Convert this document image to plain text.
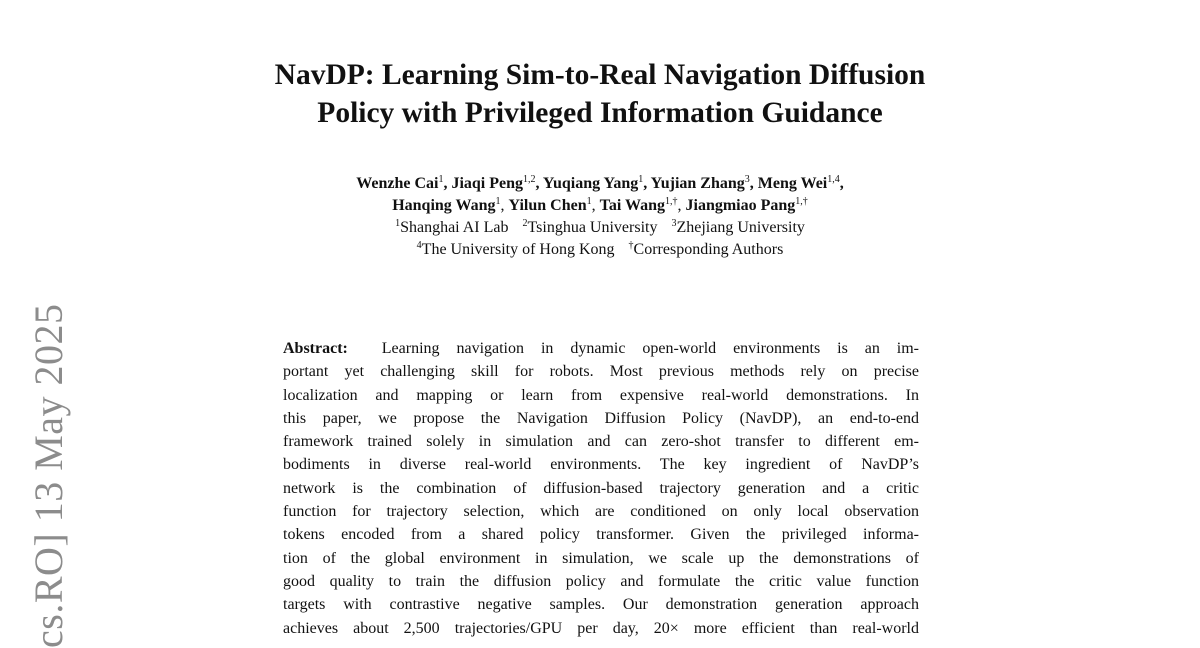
cs.RO] 13 May 2025
NavDP: Learning Sim-to-Real Navigation Diffusion
Policy with Privileged Information Guidance
Wenzhe Cai$^1$, Jiaqi Peng$^{1,2}$, Yuqiang Yang$^1$, Yujian Zhang$^3$, Meng Wei$^{1,4}$,
Hanqing Wang$^1$, Yilun Chen$^1$, Tai Wang$^{1,\dagger}$, Jiangmiao Pang$^{1,\dagger}$
$^1$Shanghai AI Lab $^2$Tsinghua University $^3$Zhejiang University
$^4$The University of Hong Kong †Corresponding Authors
Abstract: Learning navigation in dynamic open-world environments is an im-
portant yet challenging skill for robots. Most previous methods rely on precise
localization and mapping or learn from expensive real-world demonstrations. In
this paper, we propose the Navigation Diffusion Policy (NavDP), an end-to-end
framework trained solely in simulation and can zero-shot transfer to different em-
bodiments in diverse real-world environments. The key ingredient of NavDP’s
network is the combination of diffusion-based trajectory generation and a critic
function for trajectory selection, which are conditioned on only local observation
tokens encoded from a shared policy transformer. Given the privileged informa-
tion of the global environment in simulation, we scale up the demonstrations of
good quality to train the diffusion policy and formulate the critic value function
targets with contrastive negative samples. Our demonstration generation approach
achieves about 2,500 trajectories/GPU per day, 20× more efficient than real-world
